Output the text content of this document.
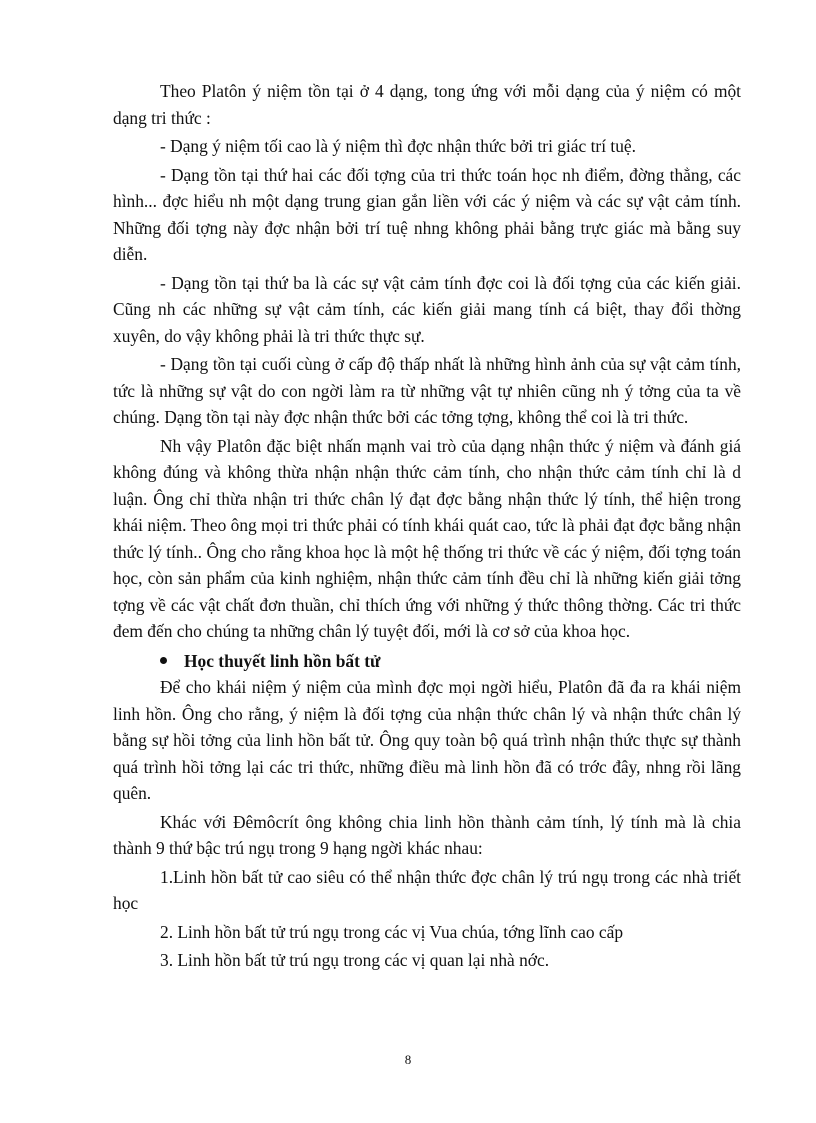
Theo Platôn ý niệm tồn tại ở 4 dạng, tong ứng với mỗi dạng của ý niệm có một dạng tri thức :

- Dạng ý niệm tối cao là ý niệm thì đợc nhận thức bởi tri giác trí tuệ.

- Dạng tồn tại thứ hai các đối tợng của tri thức toán học nh điểm, đờng thẳng, các hình... đợc hiểu nh một dạng trung gian gắn liền với các ý niệm và các sự vật cảm tính. Những đối tợng này đợc nhận bởi trí tuệ nhng không phải bằng trực giác mà bằng suy diễn.

- Dạng tồn tại thứ ba là các sự vật cảm tính đợc coi là đối tợng của các kiến giải. Cũng nh các những sự vật cảm tính, các kiến giải mang tính cá biệt, thay đổi thờng xuyên, do vậy không phải là tri thức thực sự.

- Dạng tồn tại cuối cùng ở cấp độ thấp nhất là những hình ảnh của sự vật cảm tính, tức là những sự vật do con ngời làm ra từ những vật tự nhiên cũng nh ý tởng của ta về chúng. Dạng tồn tại này đợc nhận thức bởi các tởng tợng, không thể coi là tri thức.

Nh vậy Platôn đặc biệt nhấn mạnh vai trò của dạng nhận thức ý niệm và đánh giá không đúng và không thừa nhận nhận thức cảm tính, cho nhận thức cảm tính chỉ là d luận. Ông chỉ thừa nhận tri thức chân lý đạt đợc bằng nhận thức lý tính, thể hiện trong khái niệm. Theo ông mọi tri thức phải có tính khái quát cao, tức là phải đạt đợc bằng nhận thức lý tính.. Ông cho rằng khoa học là một hệ thống tri thức về các ý niệm, đối tợng toán học, còn sản phẩm của kinh nghiệm, nhận thức cảm tính đều chỉ là những kiến giải tởng tợng về các vật chất đơn thuần, chỉ thích ứng với những ý thức thông thờng. Các tri thức đem đến cho chúng ta những chân lý tuyệt đối, mới là cơ sở của khoa học.

Học thuyết linh hồn bất tử

Để cho khái niệm ý niệm của mình đợc mọi ngời hiểu, Platôn đã đa ra khái niệm linh hồn. Ông cho rằng, ý niệm là đối tợng của nhận thức chân lý và nhận thức chân lý bằng sự hồi tởng của linh hồn bất tử. Ông quy toàn bộ quá trình nhận thức thực sự thành quá trình hồi tởng lại các tri thức, những điều mà linh hồn đã có trớc đây, nhng rồi lãng quên.

Khác với Đêmôcrít ông không chia linh hồn thành cảm tính, lý tính mà là chia thành 9 thứ bậc trú ngụ trong 9 hạng ngời khác nhau:

1.Linh hồn bất tử cao siêu có thể nhận thức đợc chân lý trú ngụ trong các nhà triết học

2. Linh hồn bất tử trú ngụ trong các vị Vua chúa, tớng lĩnh cao cấp

3. Linh hồn bất tử trú ngụ trong các vị quan lại nhà nớc.

8
